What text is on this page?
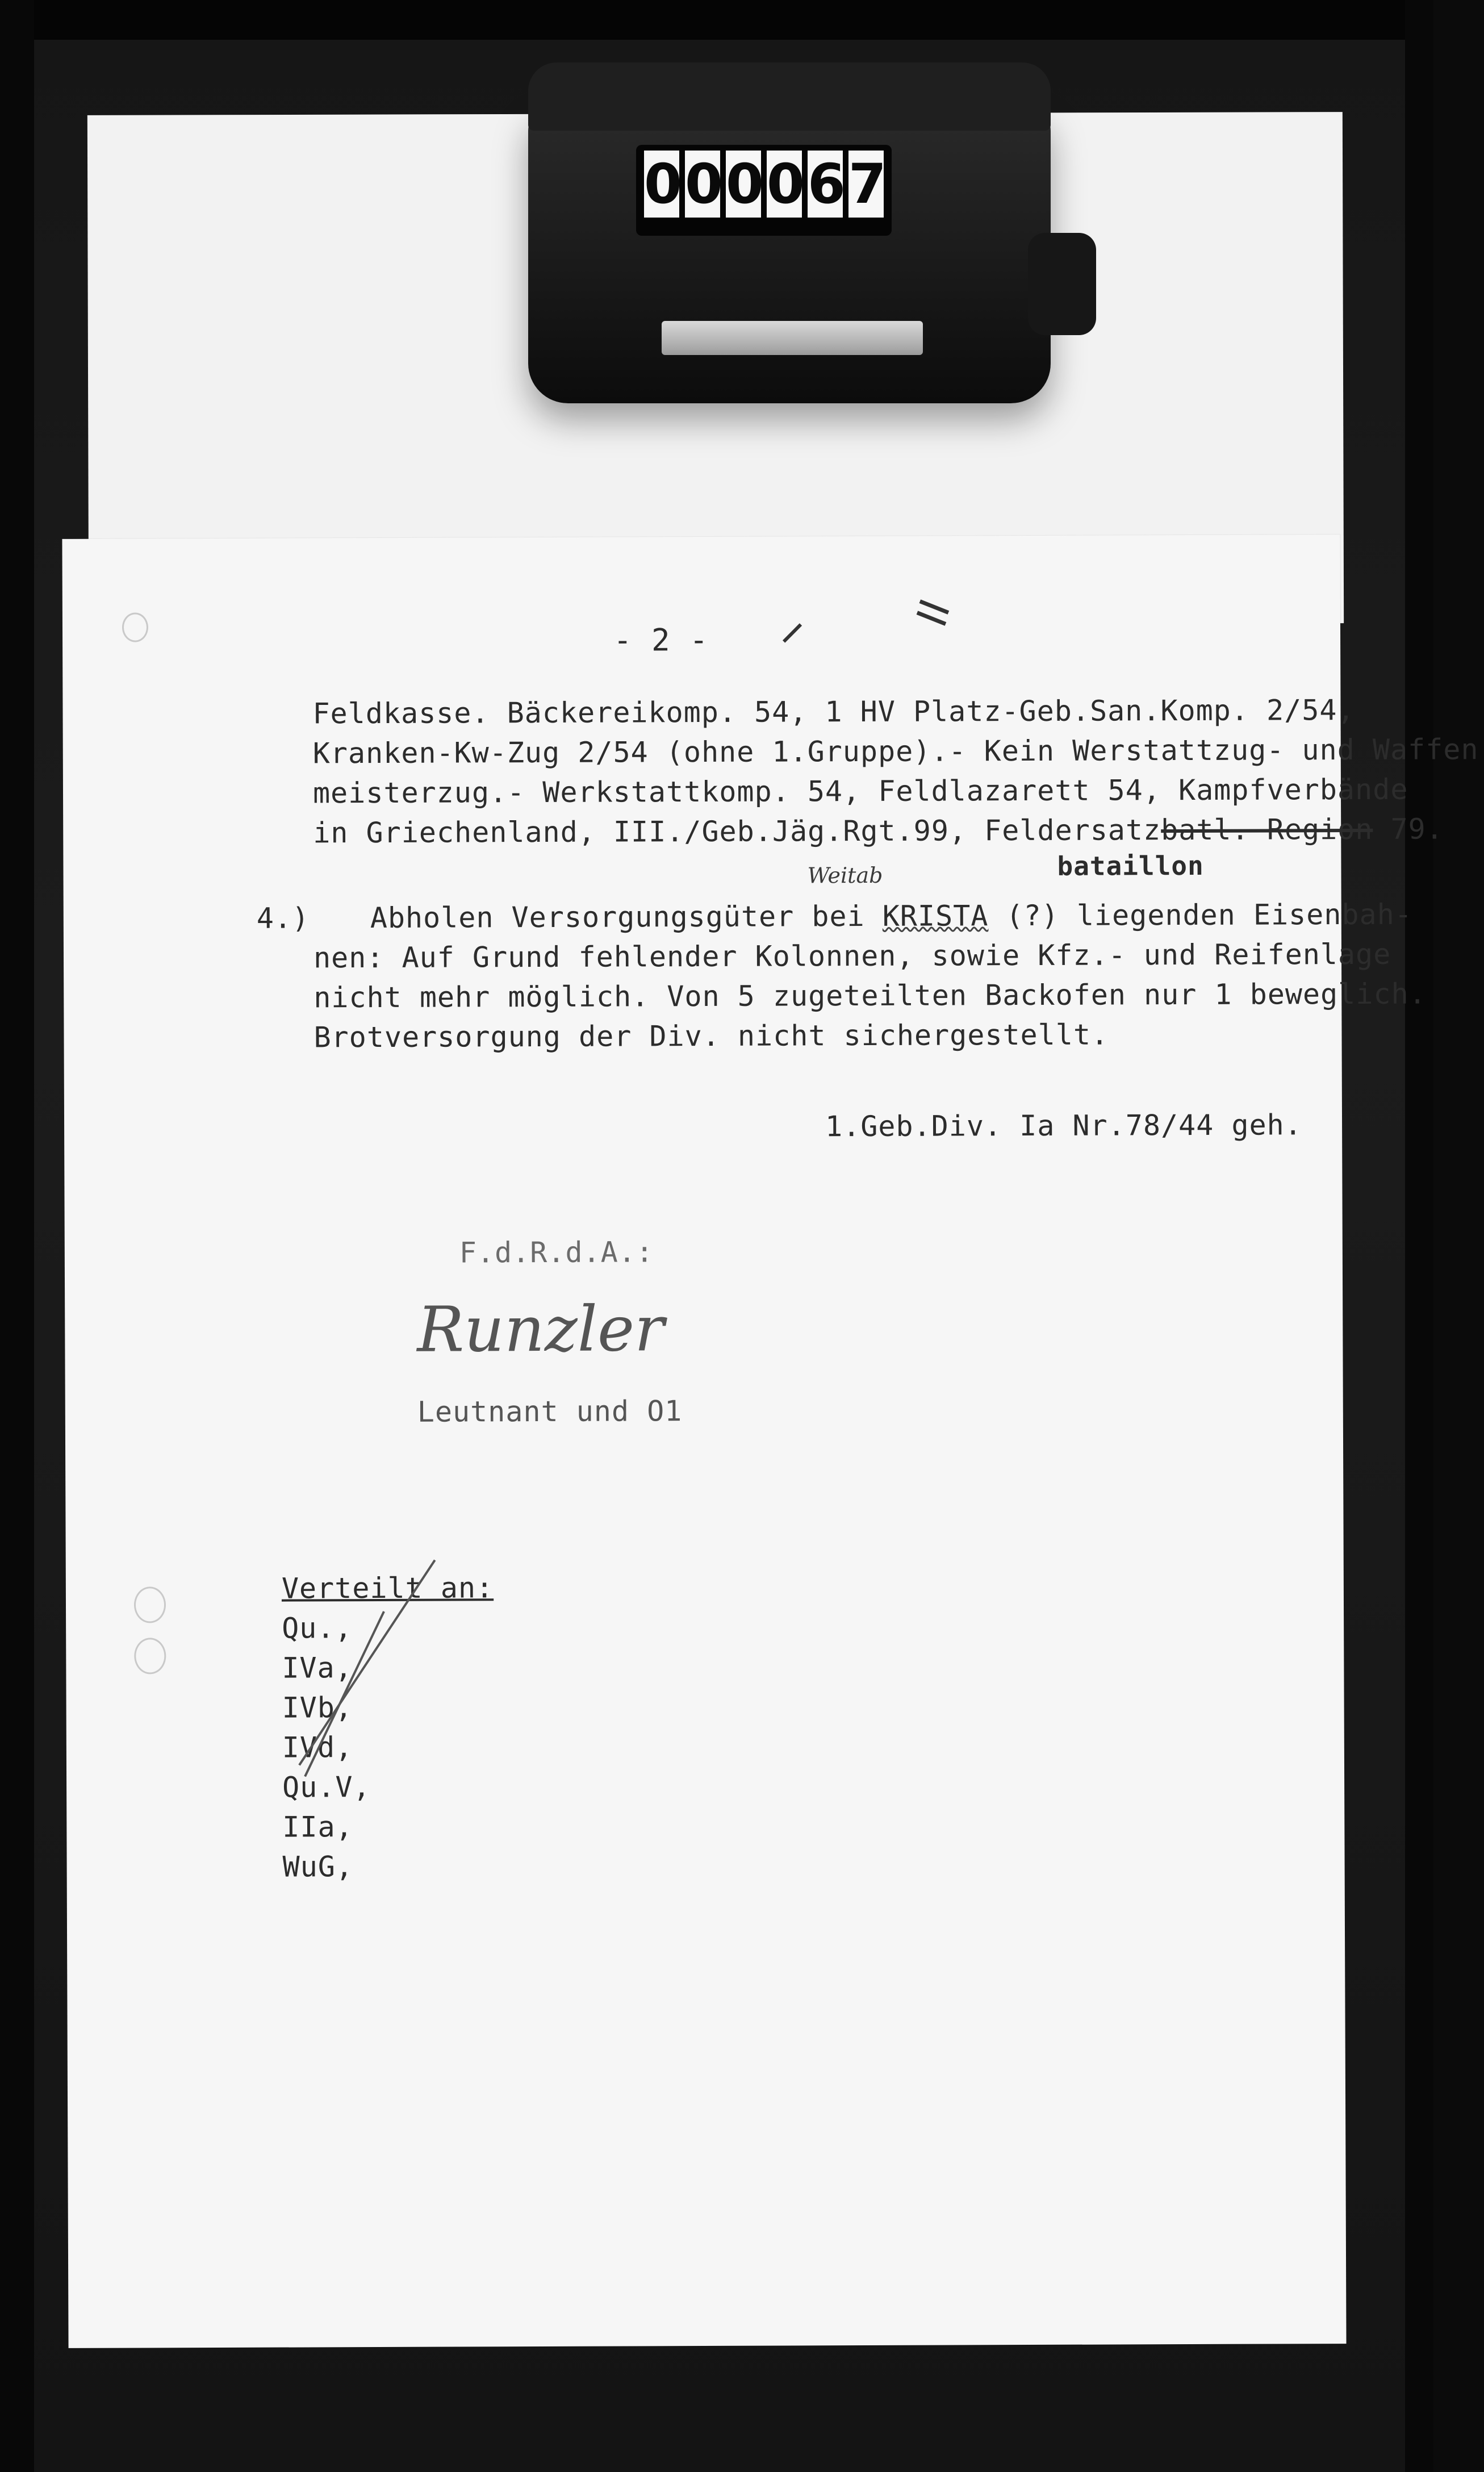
0 0 0 0 6 7
- 2 -
Feldkasse. Bäckereikomp. 54, 1 HV Platz-Geb.San.Komp. 2/54,
Kranken-Kw-Zug 2/54 (ohne 1.Gruppe).- Kein Werstattzug- und Waffen
meisterzug.- Werkstattkomp. 54, Feldlazarett 54, Kampfverbände
in Griechenland, III./Geb.Jäg.Rgt.99, Feldersatzbatl. Region 79.
bataillon
4.)
Weitab
Abholen Versorgungsgüter bei KRISTA (?) liegenden Eisenbah-
nen: Auf Grund fehlender Kolonnen, sowie Kfz.- und Reifenlage
nicht mehr möglich. Von 5 zugeteilten Backofen nur 1 beweglich.
Brotversorgung der Div. nicht sichergestellt.
1.Geb.Div. Ia Nr.78/44 geh.
F.d.R.d.A.:
Runzler
Leutnant und O1
Verteilt an:
Qu.,
IVa,
IVb,
IVd,
Qu.V,
IIa,
WuG,
